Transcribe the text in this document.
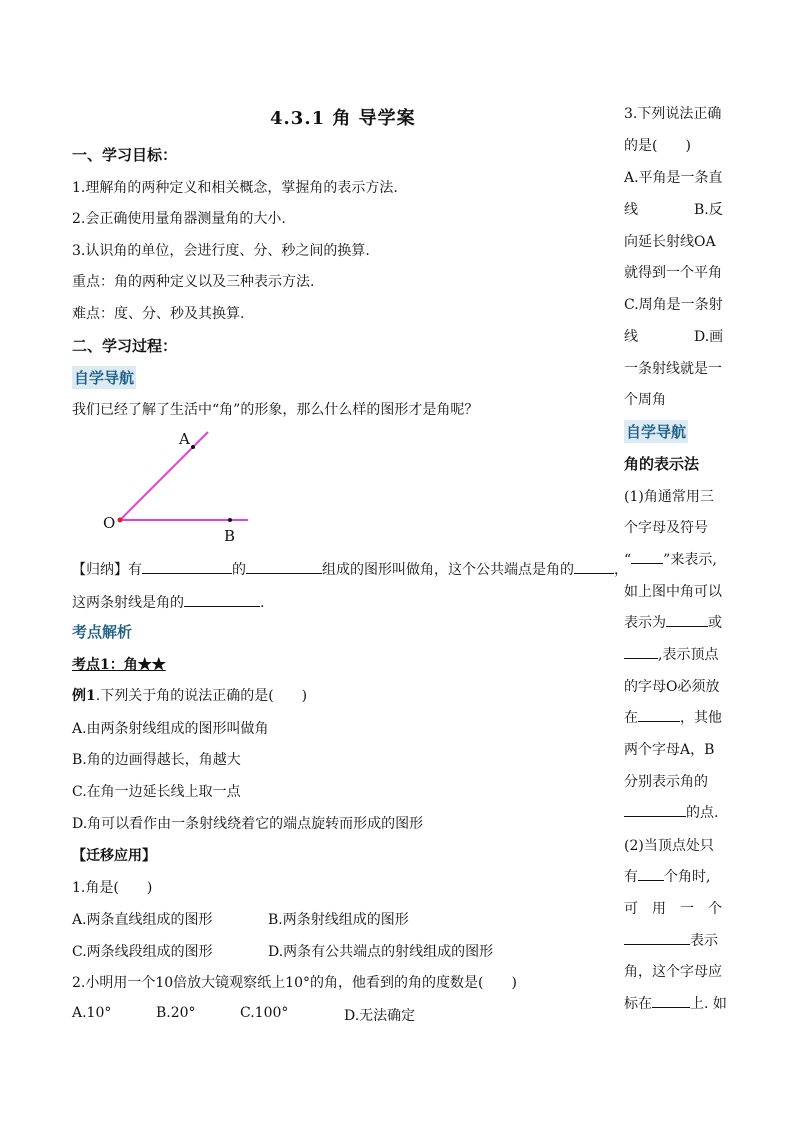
4.3.1 角 导学案
一、学习目标：
1.理解角的两种定义和相关概念，掌握角的表示方法.
2.会正确使用量角器测量角的大小.
3.认识角的单位，会进行度、分、秒之间的换算.
重点：角的两种定义以及三种表示方法.
难点：度、分、秒及其换算.
二、学习过程：
自学导航
我们已经了解了生活中“角”的形象，那么什么样的图形才是角呢？
A
O
B
【归纳】有	的	组成的图形叫做角，这个公共端点是角的	，
这两条射线是角的	.
考点解析
考点1：角★★
例1.下列关于角的说法正确的是(　　)
A.由两条射线组成的图形叫做角
B.角的边画得越长，角越大
C.在角一边延长线上取一点
D.角可以看作由一条射线绕着它的端点旋转而形成的图形
【迁移应用】
1.角是(　　)
A.两条直线组成的图形	B.两条射线组成的图形
C.两条线段组成的图形	D.两条有公共端点的射线组成的图形
2.小明用一个10倍放大镜观察纸上10°的角，他看到的角的度数是(　　)
A.10°	B.20°	C.100°	D.无法确定
3.下列说法正确
的是(　　)
A.平角是一条直
线　　　　B.反
向延长射线OA
就得到一个平角
C.周角是一条射
线　　　　D.画
一条射线就是一
个周角
自学导航
角的表示法
(1)角通常用三
个字母及符号
“ ”来表示,
如上图中角可以
表示为	或
,表示顶点
的字母O必须放
在	，其他
两个字母A，B
分别表示角的
的点.
(2)当顶点处只
有 个角时,
可　用　一　个
表示
角，这个字母应
标在	上. 如
